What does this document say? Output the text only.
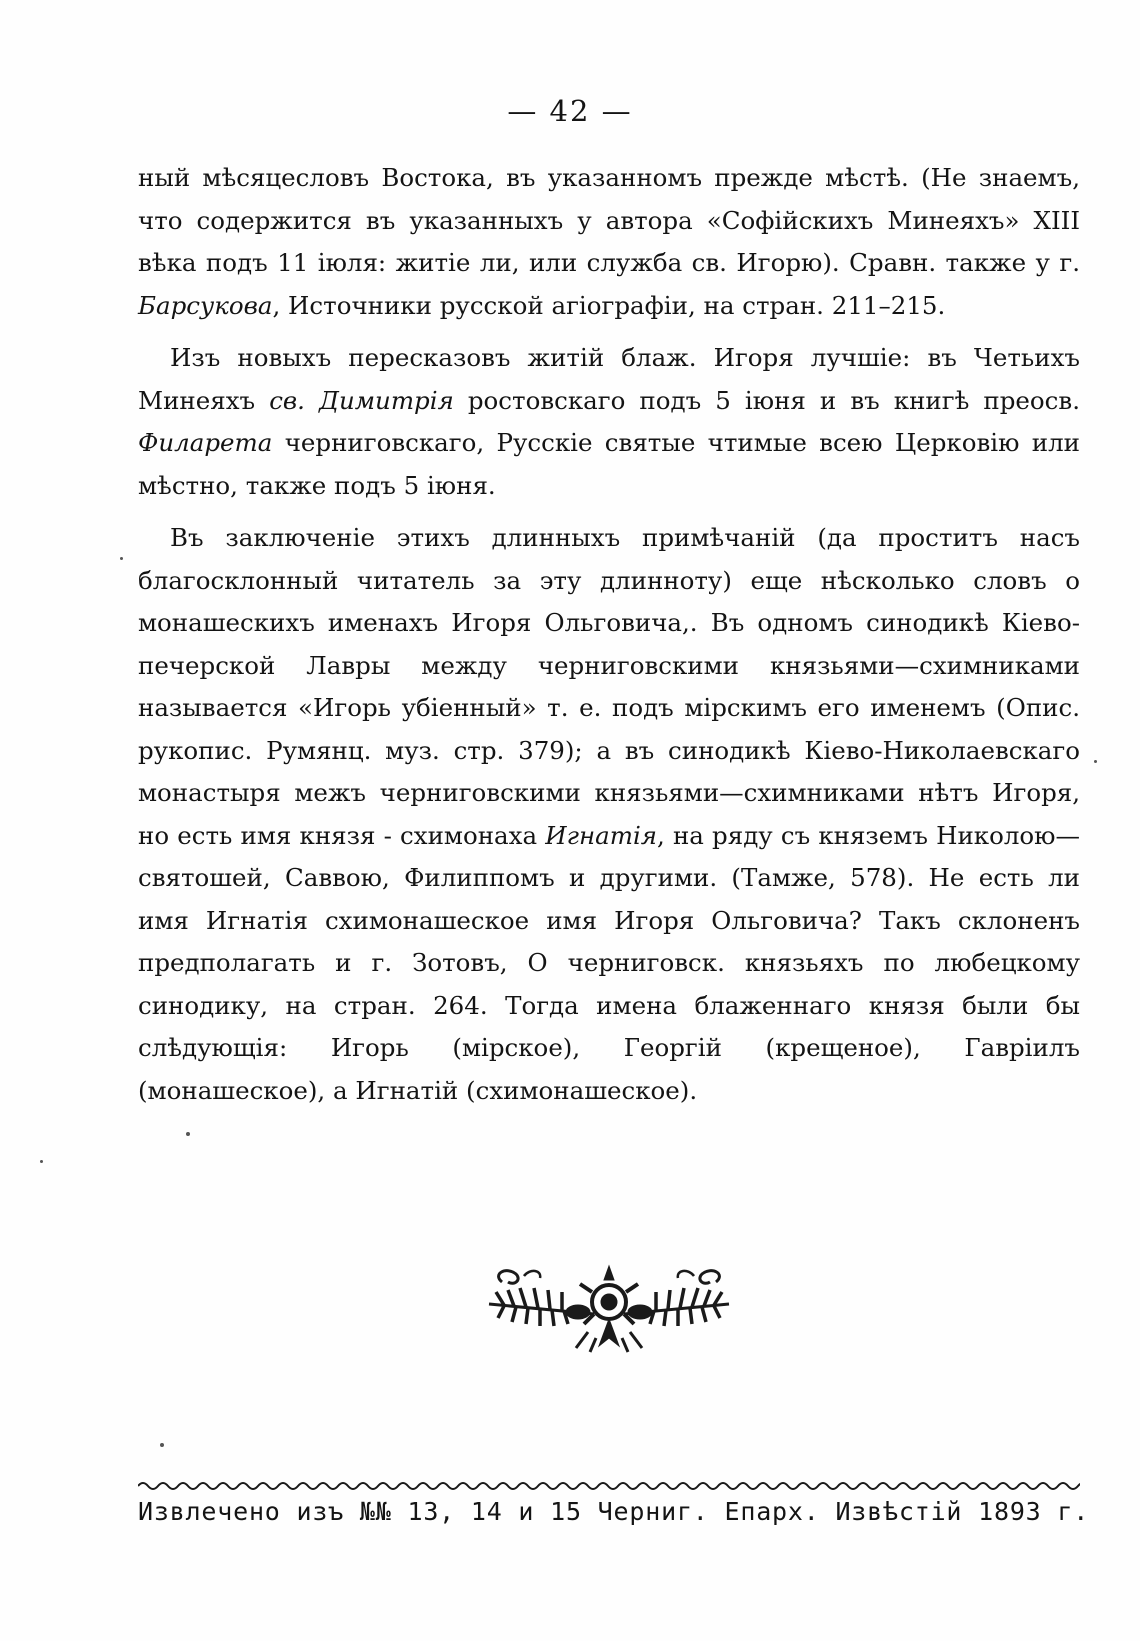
— 42 —

ный мѣсяцесловъ Востока, въ указанномъ прежде мѣстѣ. (Не знаемъ, что содержится въ указанныхъ у автора «Софійскихъ Минеяхъ» XIII вѣка подъ 11 іюля: житіе ли, или служба св. Игорю). Сравн. также у г. Барсукова, Источники русской агіографіи, на стран. 211–215.

Изъ новыхъ пересказовъ житій блаж. Игоря лучшіе: въ Четьихъ Минеяхъ св. Димитрія ростовскаго подъ 5 іюня и въ книгѣ преосв. Филарета черниговскаго, Русскіе святые чтимые всею Церковію или мѣстно, также подъ 5 іюня.

Въ заключеніе этихъ длинныхъ примѣчаній (да проститъ насъ благосклонный читатель за эту длинноту) еще нѣсколько словъ о монашескихъ именахъ Игоря Ольговича,. Въ одномъ синодикѣ Кіево-печерской Лавры между черниговскими князьями—схимниками называется «Игорь убіенный» т. е. подъ мірскимъ его именемъ (Опис. рукопис. Румянц. муз. стр. 379); а въ синодикѣ Кіево-Николаевскаго монастыря межъ черниговскими князьями—схимниками нѣтъ Игоря, но есть имя князя - схимонаха Игнатія, на ряду съ княземъ Николою—святошей, Саввою, Филиппомъ и другими. (Тамже, 578). Не есть ли имя Игнатія схимонашеское имя Игоря Ольговича? Такъ склоненъ предполагать и г. Зотовъ, О черниговск. князьяхъ по любецкому синодику, на стран. 264. Тогда имена блаженнаго князя были бы слѣдующія: Игорь (мірское), Георгій (крещеное), Гавріилъ (монашеское), а Игнатій (схимонашеское).

Извлечено изъ №№ 13, 14 и 15 Черниг. Епарх. Извѣстій 1893 г.
